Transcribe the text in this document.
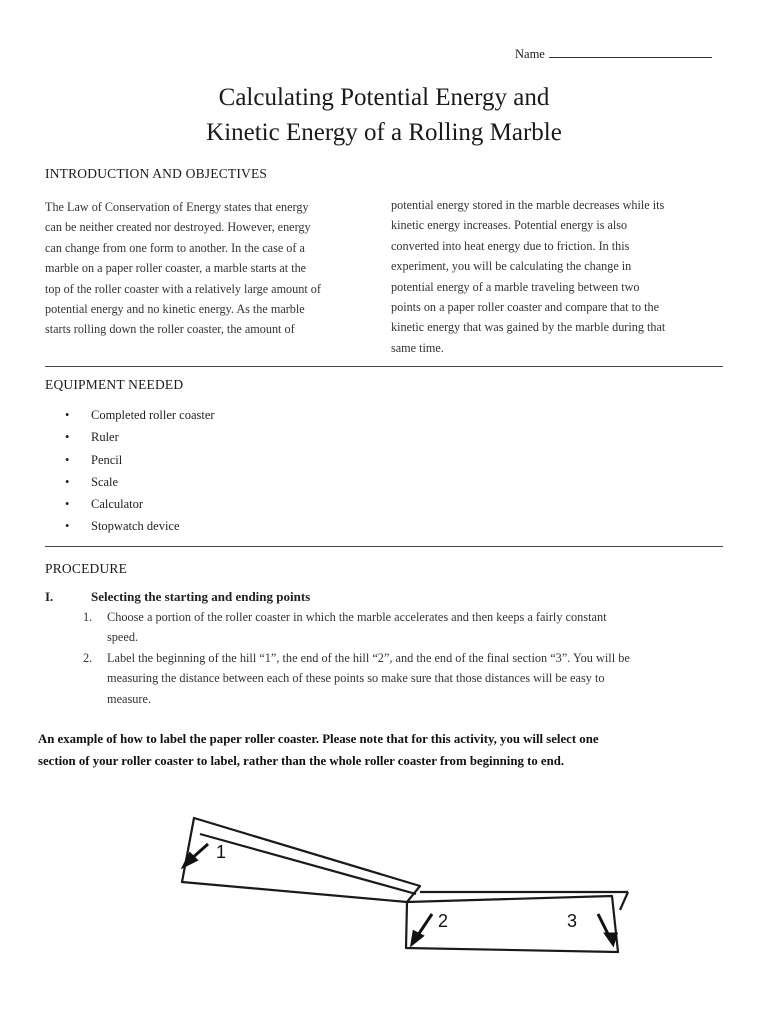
Name
Calculating Potential Energy and
Kinetic Energy of a Rolling Marble
INTRODUCTION AND OBJECTIVES
The Law of Conservation of Energy states that energy
can be neither created nor destroyed. However, energy
can change from one form to another. In the case of a
marble on a paper roller coaster, a marble starts at the
top of the roller coaster with a relatively large amount of
potential energy and no kinetic energy. As the marble
starts rolling down the roller coaster, the amount of
potential energy stored in the marble decreases while its
kinetic energy increases. Potential energy is also
converted into heat energy due to friction. In this
experiment, you will be calculating the change in
potential energy of a marble traveling between two
points on a paper roller coaster and compare that to the
kinetic energy that was gained by the marble during that
same time.
EQUIPMENT NEEDED
• Completed roller coaster
• Ruler
• Pencil
• Scale
• Calculator
• Stopwatch device
PROCEDURE
I.	Selecting the starting and ending points
1. Choose a portion of the roller coaster in which the marble accelerates and then keeps a fairly constant
speed.
2. Label the beginning of the hill “1”, the end of the hill “2”, and the end of the final section “3”. You will be
measuring the distance between each of these points so make sure that those distances will be easy to
measure.
An example of how to label the paper roller coaster. Please note that for this activity, you will select one
section of your roller coaster to label, rather than the whole roller coaster from beginning to end.
1
2	3
